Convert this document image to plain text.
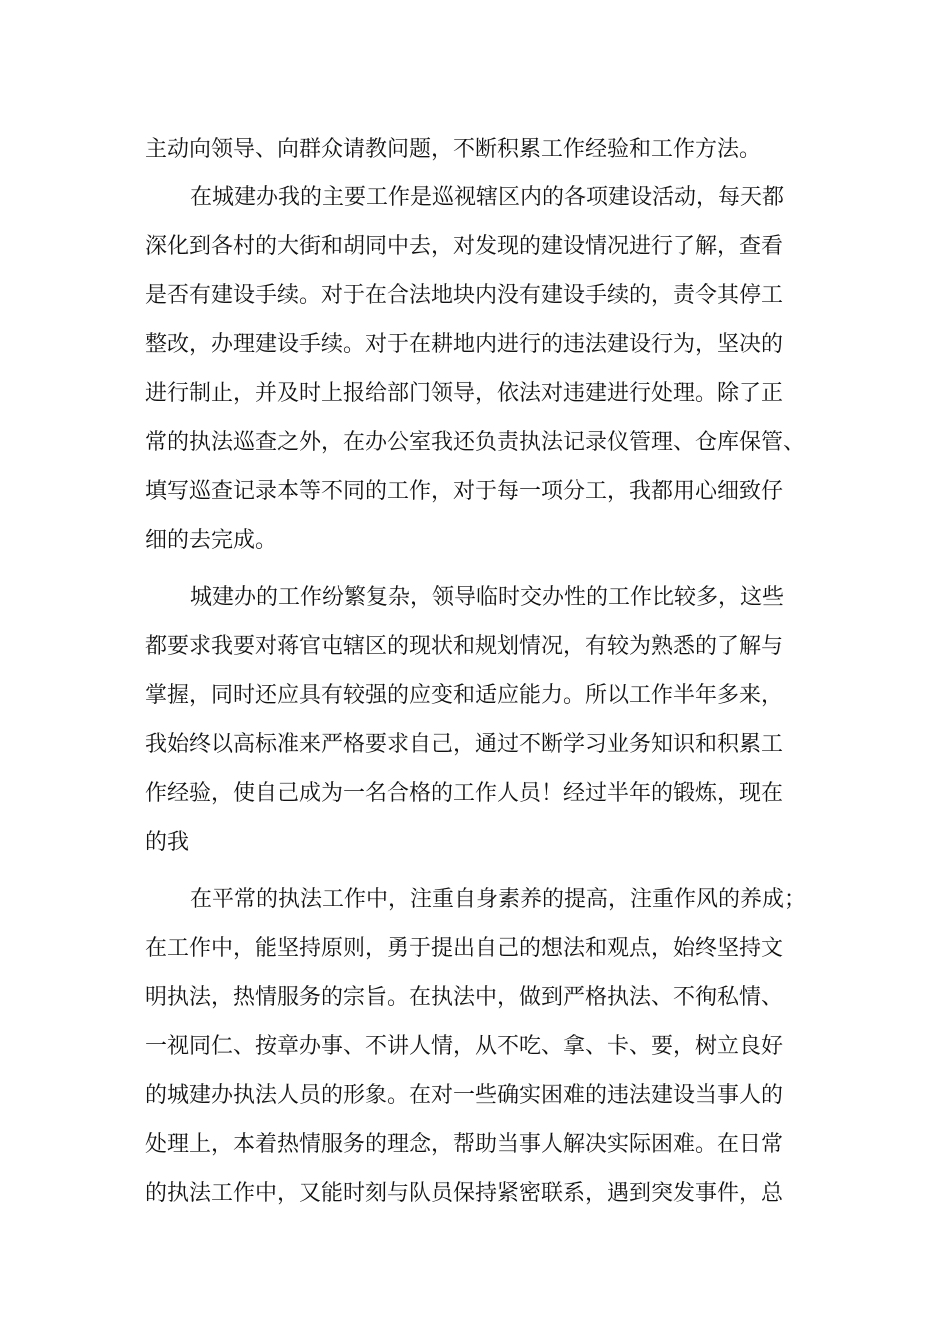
主动向领导、向群众请教问题，不断积累工作经验和工作方法。
在城建办我的主要工作是巡视辖区内的各项建设活动，每天都
深化到各村的大街和胡同中去，对发现的建设情况进行了解，查看
是否有建设手续。对于在合法地块内没有建设手续的，责令其停工
整改，办理建设手续。对于在耕地内进行的违法建设行为，坚决的
进行制止，并及时上报给部门领导，依法对违建进行处理。除了正
常的执法巡查之外，在办公室我还负责执法记录仪管理、仓库保管、
填写巡查记录本等不同的工作，对于每一项分工，我都用心细致仔
细的去完成。
城建办的工作纷繁复杂，领导临时交办性的工作比较多，这些
都要求我要对蒋官屯辖区的现状和规划情况，有较为熟悉的了解与
掌握，同时还应具有较强的应变和适应能力。所以工作半年多来，
我始终以高标准来严格要求自己，通过不断学习业务知识和积累工
作经验，使自己成为一名合格的工作人员！经过半年的锻炼，现在
的我
在平常的执法工作中，注重自身素养的提高，注重作风的养成；
在工作中，能坚持原则，勇于提出自己的想法和观点，始终坚持文
明执法，热情服务的宗旨。在执法中，做到严格执法、不徇私情、
一视同仁、按章办事、不讲人情，从不吃、拿、卡、要，树立良好
的城建办执法人员的形象。在对一些确实困难的违法建设当事人的
处理上，本着热情服务的理念，帮助当事人解决实际困难。在日常
的执法工作中，又能时刻与队员保持紧密联系，遇到突发事件，总
